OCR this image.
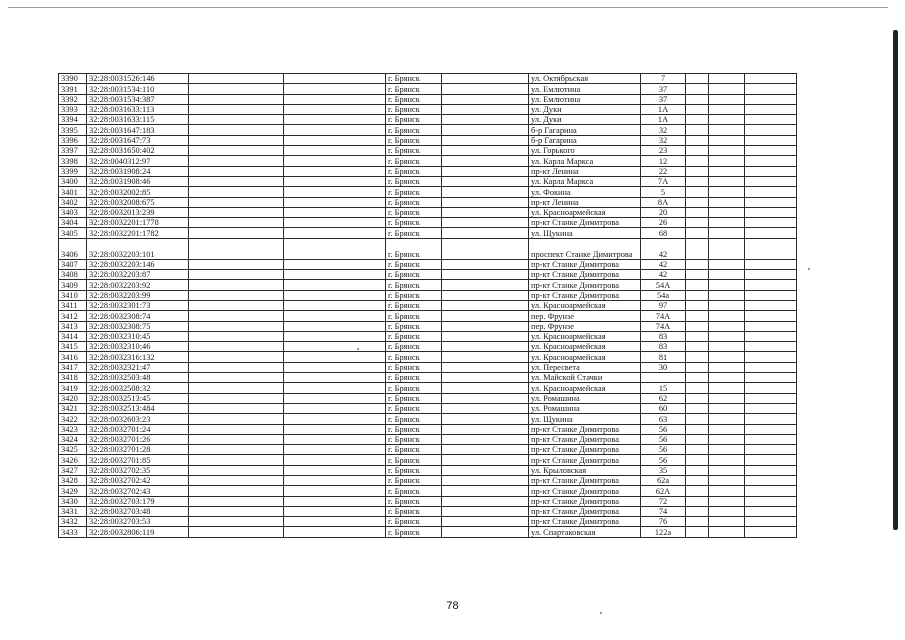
3390	32:28:0031526:146			г. Брянск		ул. Октябрьская	7			
3391	32:28:0031534:110			г. Брянск		ул. Емлютина	37			
3392	32:28:0031534:387			г. Брянск		ул. Емлютина	37			
3393	32:28:0031633:113			г. Брянск		ул. Дуки	1А			
3394	32:28:0031633:115			г. Брянск		ул. Дуки	1А			
3395	32:28:0031647:183			г. Брянск		б-р Гагарина	32			
3396	32:28:0031647:73			г. Брянск		б-р Гагарина	32			
3397	32:28:0031650:402			г. Брянск		ул. Горького	23			
3398	32:28:0040312:97			г. Брянск		ул. Карла Маркса	12			
3399	32:28:0031908:24			г. Брянск		пр-кт Ленина	22			
3400	32:28:0031908:46			г. Брянск		ул. Карла Маркса	7А			
3401	32:28:0032002:85			г. Брянск		ул. Фокина	5			
3402	32:28:0032008:675			г. Брянск		пр-кт Ленина	8А			
3403	32:28:0032013:239			г. Брянск		ул. Красноармейская	20			
3404	32:28:0032201:1778			г. Брянск		пр-кт Станке Димитрова	26			
3405	32:28:0032201:1782			г. Брянск		ул. Щукина	68			
3406	32:28:0032203:101			г. Брянск		проспект Станке Димитрова	42			
3407	32:28:0032203:146			г. Брянск		пр-кт Станке Димитрова	42			
3408	32:28:0032203:87			г. Брянск		пр-кт Станке Димитрова	42			
3409	32:28:0032203:92			г. Брянск		пр-кт Станке Димитрова	54А			
3410	32:28:0032203:99			г. Брянск		пр-кт Станке Димитрова	54а			
3411	32:28:0032301:73			г. Брянск		ул. Красноармейская	97			
3412	32:28:0032308:74			г. Брянск		пер. Фрунзе	74А			
3413	32:28:0032308:75			г. Брянск		пер. Фрунзе	74А			
3414	32:28:0032310:45			г. Брянск		ул. Красноармейская	83			
3415	32:28:0032310:46			г. Брянск		ул. Красноармейская	83			
3416	32:28:0032316:132			г. Брянск		ул. Красноармейская	81			
3417	32:28:0032321:47			г. Брянск		ул. Пересвета	30			
3418	32:28:0032503:48			г. Брянск		ул. Майской Стачки				
3419	32:28:0032508:32			г. Брянск		ул. Красноармейская	15			
3420	32:28:0032513:45			г. Брянск		ул. Ромашина	62			
3421	32:28:0032513:484			г. Брянск		ул. Ромашина	60			
3422	32:28:0032603:23			г. Брянск		ул. Щукина	63			
3423	32:28:0032701:24			г. Брянск		пр-кт Станке Димитрова	56			
3424	32:28:0032701:26			г. Брянск		пр-кт Станке Димитрова	56			
3425	32:28:0032701:28			г. Брянск		пр-кт Станке Димитрова	56			
3426	32:28:0032701:85			г. Брянск		пр-кт Станке Димитрова	56			
3427	32:28:0032702:35			г. Брянск		ул. Крыловская	35			
3428	32:28:0032702:42			г. Брянск		пр-кт Станке Димитрова	62а			
3429	32:28:0032702:43			г. Брянск		пр-кт Станке Димитрова	62А			
3430	32:28:0032703:179			г. Брянск		пр-кт Станке Димитрова	72			
3431	32:28:0032703:48			г. Брянск		пр-кт Станке Димитрова	74			
3432	32:28:0032703:53			г. Брянск		пр-кт Станке Димитрова	76			
3433	32:28:0032806:119			г. Брянск		ул. Спартаковская	122а			
78
